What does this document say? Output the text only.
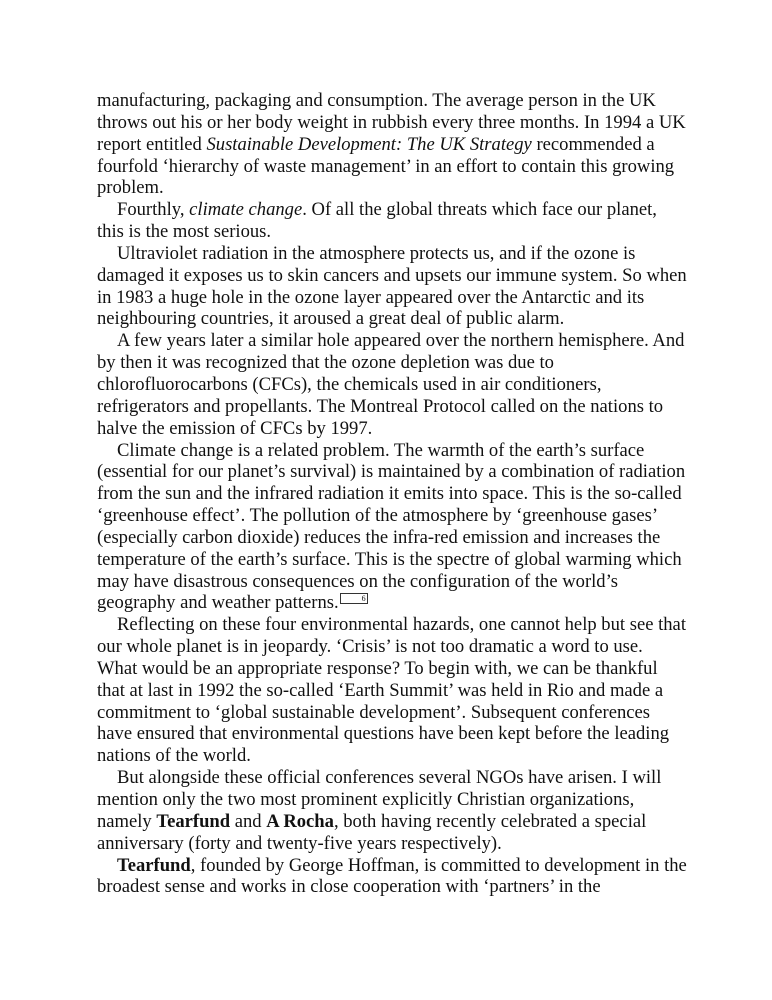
manufacturing, packaging and consumption. The average person in the UK throws out his or her body weight in rubbish every three months. In 1994 a UK report entitled Sustainable Development: The UK Strategy recommended a fourfold ‘hierarchy of waste management’ in an effort to contain this growing problem.

Fourthly, climate change. Of all the global threats which face our planet, this is the most serious.

Ultraviolet radiation in the atmosphere protects us, and if the ozone is damaged it exposes us to skin cancers and upsets our immune system. So when in 1983 a huge hole in the ozone layer appeared over the Antarctic and its neighbouring countries, it aroused a great deal of public alarm.

A few years later a similar hole appeared over the northern hemisphere. And by then it was recognized that the ozone depletion was due to chlorofluorocarbons (CFCs), the chemicals used in air conditioners, refrigerators and propellants. The Montreal Protocol called on the nations to halve the emission of CFCs by 1997.

Climate change is a related problem. The warmth of the earth’s surface (essential for our planet’s survival) is maintained by a combination of radiation from the sun and the infrared radiation it emits into space. This is the so-called ‘greenhouse effect’. The pollution of the atmosphere by ‘greenhouse gases’ (especially carbon dioxide) reduces the infra-red emission and increases the temperature of the earth’s surface. This is the spectre of global warming which may have disastrous consequences on the configuration of the world’s geography and weather patterns.	6

Reflecting on these four environmental hazards, one cannot help but see that our whole planet is in jeopardy. ‘Crisis’ is not too dramatic a word to use. What would be an appropriate response? To begin with, we can be thankful that at last in 1992 the so-called ‘Earth Summit’ was held in Rio and made a commitment to ‘global sustainable development’. Subsequent conferences have ensured that environmental questions have been kept before the leading nations of the world.

But alongside these official conferences several NGOs have arisen. I will mention only the two most prominent explicitly Christian organizations, namely Tearfund and A Rocha, both having recently celebrated a special anniversary (forty and twenty-five years respectively).

Tearfund, founded by George Hoffman, is committed to development in the broadest sense and works in close cooperation with ‘partners’ in the
